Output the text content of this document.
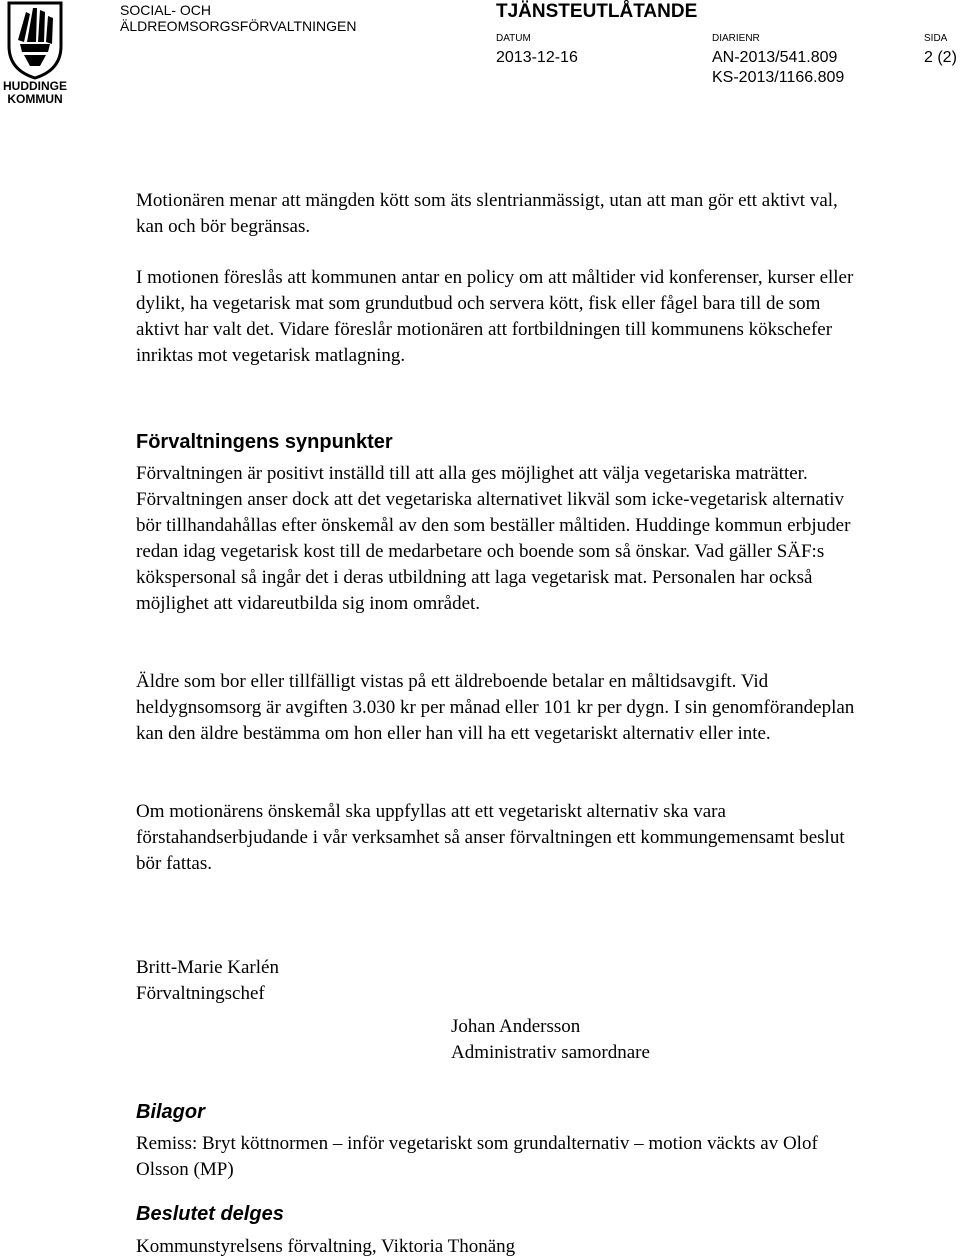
HUDDINGE
KOMMUN
SOCIAL- OCH
ÄLDREOMSORGSFÖRVALTNINGEN
TJÄNSTEUTLÅTANDE
DATUM
2013-12-16
DIARIENR
AN-2013/541.809
KS-2013/1166.809
SIDA
2 (2)

Motionären menar att mängden kött som äts slentrianmässigt, utan att man gör ett aktivt val, kan och bör begränsas.

I motionen föreslås att kommunen antar en policy om att måltider vid konferenser, kurser eller dylikt, ha vegetarisk mat som grundutbud och servera kött, fisk eller fågel bara till de som aktivt har valt det. Vidare föreslår motionären att fortbildningen till kommunens kökschefer inriktas mot vegetarisk matlagning.

Förvaltningens synpunkter

Förvaltningen är positivt inställd till att alla ges möjlighet att välja vegetariska maträtter. Förvaltningen anser dock att det vegetariska alternativet likväl som icke-vegetarisk alternativ bör tillhandahållas efter önskemål av den som beställer måltiden. Huddinge kommun erbjuder redan idag vegetarisk kost till de medarbetare och boende som så önskar. Vad gäller SÄF:s kökspersonal så ingår det i deras utbildning att laga vegetarisk mat. Personalen har också möjlighet att vidareutbilda sig inom området.

Äldre som bor eller tillfälligt vistas på ett äldreboende betalar en måltidsavgift. Vid heldygnsomsorg är avgiften 3.030 kr per månad eller 101 kr per dygn. I sin genomförandeplan kan den äldre bestämma om hon eller han vill ha ett vegetariskt alternativ eller inte.

Om motionärens önskemål ska uppfyllas att ett vegetariskt alternativ ska vara förstahandserbjudande i vår verksamhet så anser förvaltningen ett kommungemensamt beslut bör fattas.

Britt-Marie Karlén

Förvaltningschef

Johan Andersson

Administrativ samordnare

Bilagor

Remiss: Bryt köttnormen – inför vegetariskt som grundalternativ – motion väckts av Olof Olsson (MP)

Beslutet delges

Kommunstyrelsens förvaltning, Viktoria Thonäng
